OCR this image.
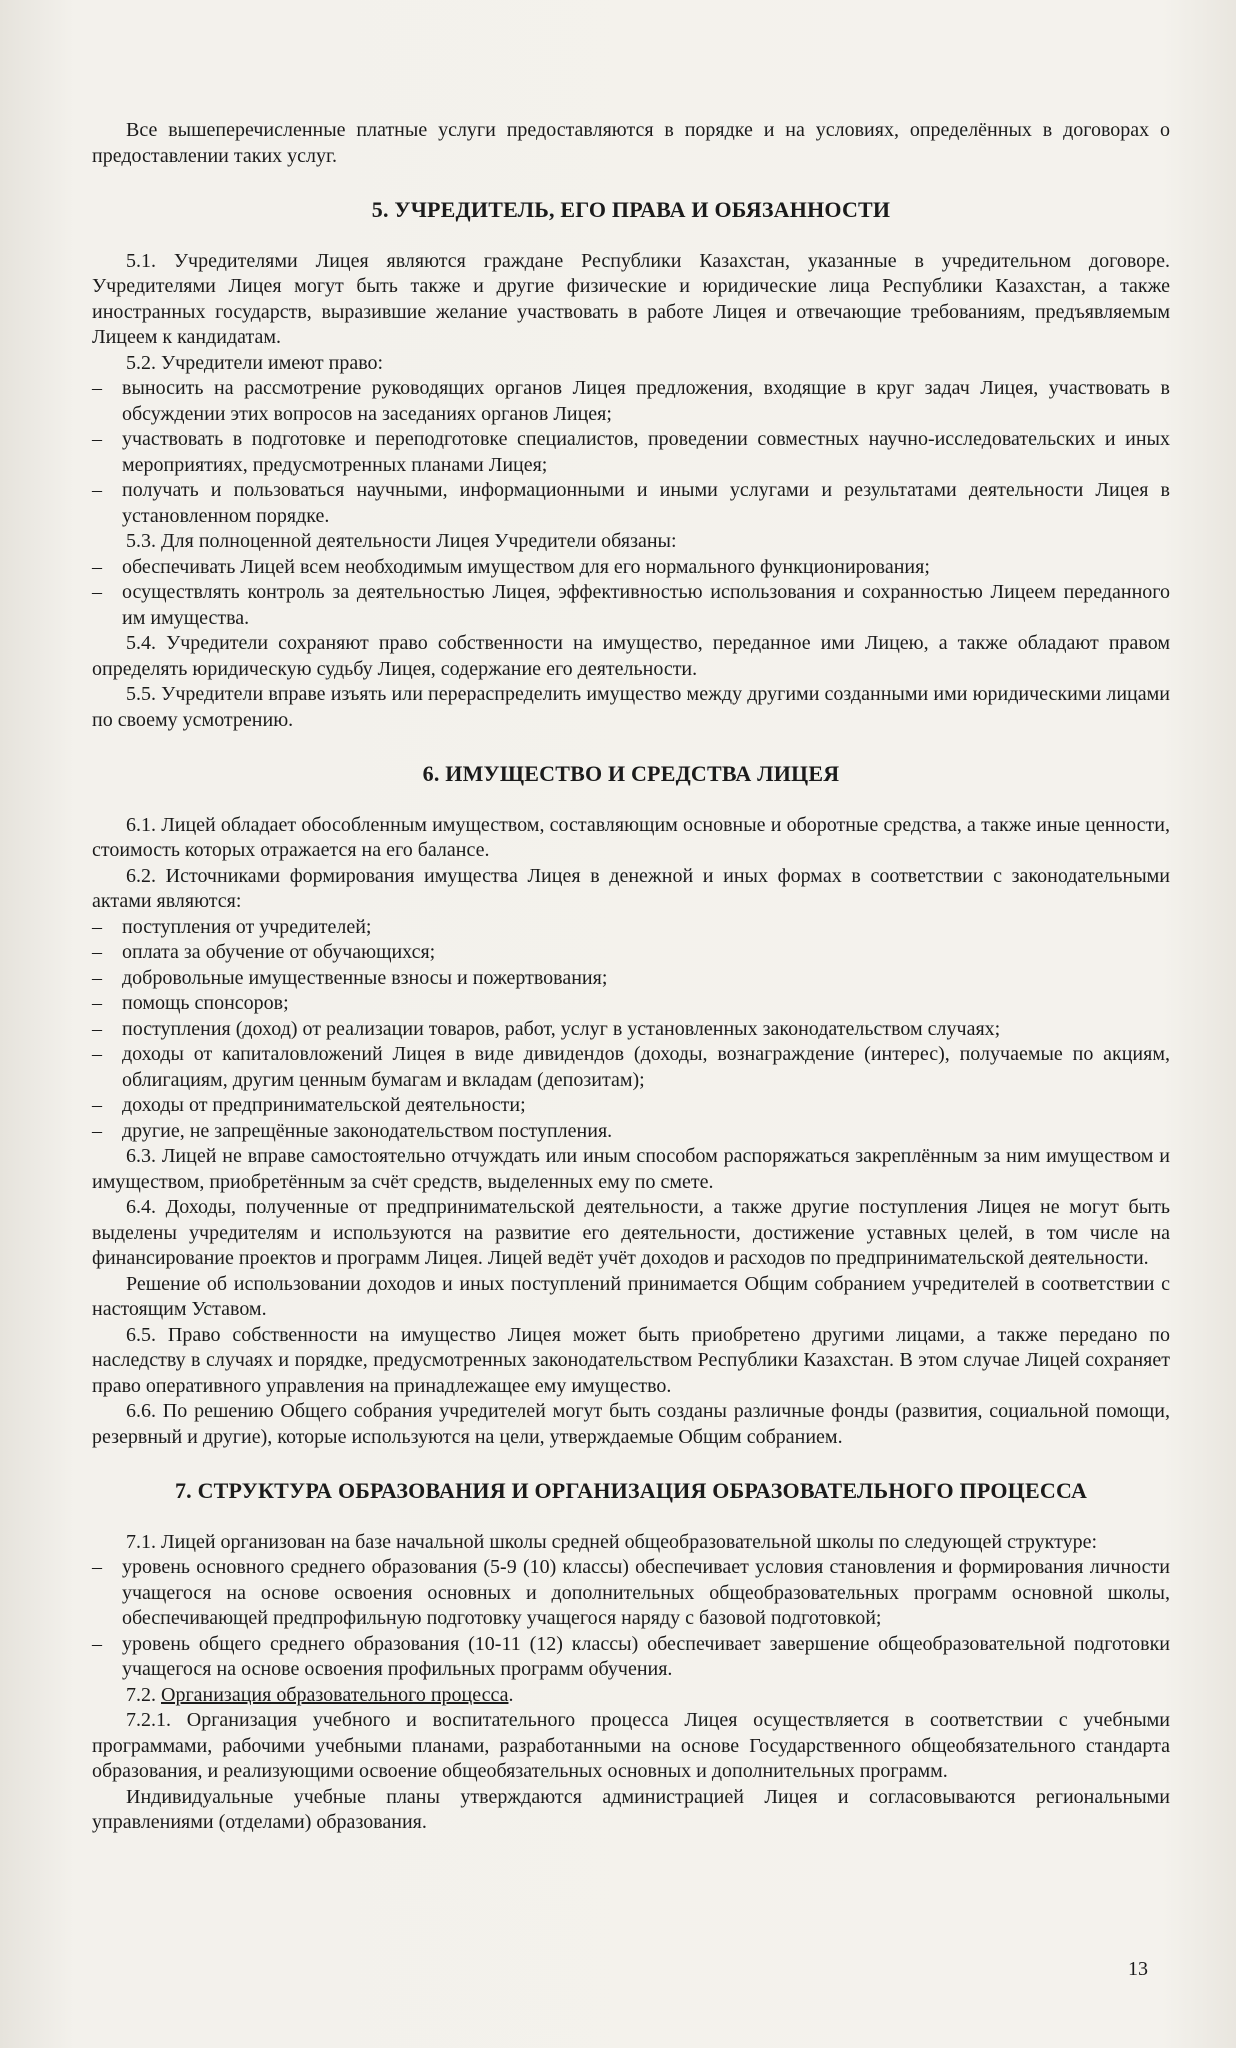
Все вышеперечисленные платные услуги предоставляются в порядке и на условиях, определённых в договорах о предоставлении таких услуг.

5. УЧРЕДИТЕЛЬ, ЕГО ПРАВА И ОБЯЗАННОСТИ

5.1. Учредителями Лицея являются граждане Республики Казахстан, указанные в учредительном договоре. Учредителями Лицея могут быть также и другие физические и юридические лица Республики Казахстан, а также иностранных государств, выразившие желание участвовать в работе Лицея и отвечающие требованиям, предъявляемым Лицеем к кандидатам.

5.2. Учредители имеют право:

– выносить на рассмотрение руководящих органов Лицея предложения, входящие в круг задач Лицея, участвовать в обсуждении этих вопросов на заседаниях органов Лицея;
– участвовать в подготовке и переподготовке специалистов, проведении совместных научно-исследовательских и иных мероприятиях, предусмотренных планами Лицея;
– получать и пользоваться научными, информационными и иными услугами и результатами деятельности Лицея в установленном порядке.

5.3. Для полноценной деятельности Лицея Учредители обязаны:

– обеспечивать Лицей всем необходимым имуществом для его нормального функционирования;
– осуществлять контроль за деятельностью Лицея, эффективностью использования и сохранностью Лицеем переданного им имущества.

5.4. Учредители сохраняют право собственности на имущество, переданное ими Лицею, а также обладают правом определять юридическую судьбу Лицея, содержание его деятельности.

5.5. Учредители вправе изъять или перераспределить имущество между другими созданными ими юридическими лицами по своему усмотрению.

6. ИМУЩЕСТВО И СРЕДСТВА ЛИЦЕЯ

6.1. Лицей обладает обособленным имуществом, составляющим основные и оборотные средства, а также иные ценности, стоимость которых отражается на его балансе.

6.2. Источниками формирования имущества Лицея в денежной и иных формах в соответствии с законодательными актами являются:

– поступления от учредителей;
– оплата за обучение от обучающихся;
– добровольные имущественные взносы и пожертвования;
– помощь спонсоров;
– поступления (доход) от реализации товаров, работ, услуг в установленных законодательством случаях;
– доходы от капиталовложений Лицея в виде дивидендов (доходы, вознаграждение (интерес), получаемые по акциям, облигациям, другим ценным бумагам и вкладам (депозитам);
– доходы от предпринимательской деятельности;
– другие, не запрещённые законодательством поступления.

6.3. Лицей не вправе самостоятельно отчуждать или иным способом распоряжаться закреплённым за ним имуществом и имуществом, приобретённым за счёт средств, выделенных ему по смете.

6.4. Доходы, полученные от предпринимательской деятельности, а также другие поступления Лицея не могут быть выделены учредителям и используются на развитие его деятельности, достижение уставных целей, в том числе на финансирование проектов и программ Лицея. Лицей ведёт учёт доходов и расходов по предпринимательской деятельности.

Решение об использовании доходов и иных поступлений принимается Общим собранием учредителей в соответствии с настоящим Уставом.

6.5. Право собственности на имущество Лицея может быть приобретено другими лицами, а также передано по наследству в случаях и порядке, предусмотренных законодательством Республики Казахстан. В этом случае Лицей сохраняет право оперативного управления на принадлежащее ему имущество.

6.6. По решению Общего собрания учредителей могут быть созданы различные фонды (развития, социальной помощи, резервный и другие), которые используются на цели, утверждаемые Общим собранием.

7. СТРУКТУРА ОБРАЗОВАНИЯ И ОРГАНИЗАЦИЯ ОБРАЗОВАТЕЛЬНОГО ПРОЦЕССА

7.1. Лицей организован на базе начальной школы средней общеобразовательной школы по следующей структуре:

– уровень основного среднего образования (5-9 (10) классы) обеспечивает условия становления и формирования личности учащегося на основе освоения основных и дополнительных общеобразовательных программ основной школы, обеспечивающей предпрофильную подготовку учащегося наряду с базовой подготовкой;
– уровень общего среднего образования (10-11 (12) классы) обеспечивает завершение общеобразовательной подготовки учащегося на основе освоения профильных программ обучения.

7.2. Организация образовательного процесса.

7.2.1. Организация учебного и воспитательного процесса Лицея осуществляется в соответствии с учебными программами, рабочими учебными планами, разработанными на основе Государственного общеобязательного стандарта образования, и реализующими освоение общеобязательных основных и дополнительных программ.

Индивидуальные учебные планы утверждаются администрацией Лицея и согласовываются региональными управлениями (отделами) образования.

13
